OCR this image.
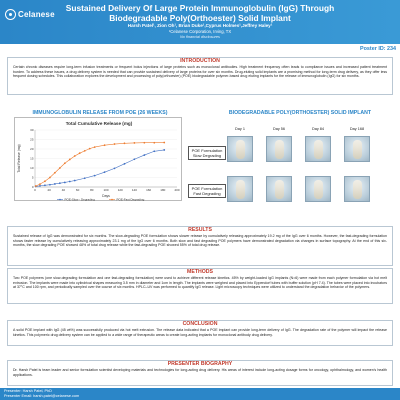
Celanese
Sustained Delivery Of Large Protein Immunoglobulin (IgG) Through Biodegradable Poly(Orthoester) Solid Implant
Harsh Patel¹, Zion Oh¹, Brian Duke¹,Cyprus Holmes¹,Jeffrey Haley¹
¹Celanese Corporation, Irving, TX
No financial disclosures
Poster ID: 234
INTRODUCTION
Certain chronic diseases require long-term infusion treatments or frequent bolus injections of large proteins such as monoclonal antibodies. High treatment frequency often leads to compliance issues and increased patient treatment burden. To address these issues, a drug delivery system is needed that can provide sustained delivery of large proteins for over six months. Drug-eluting solid implants are a promising method for long-term drug delivery, as they offer less frequent dosing schedules. This collaboration explores the development and processing of poly(orthoester) (POE) biodegradable polymer-based drug eluting implants for the release of immunoglobulin (IgG) for six months.
IMMUNOGLOBULIN RELEASE FROM POE (26 WEEKS)	BIODEGRADABLE POLY(ORTHOESTER) SOLID IMPLANT
Total Cumulative Release (mg)
0
5
10
15
20
25
30
0	20	40	60	80	100	120	140	160	180	200
Days
Total Release (mg)
POE-Slow - Degrading	POE-Fast Degrading
POE Formulation Slow Degrading
POE Formulation Fast Degrading
Day 1	Day 56	Day 84	Day 168
RESULTS
Sustained release of IgG was demonstrated for six months. The slow-degrading POE formulation shows slower release by cumulatively releasing approximately 19.2 mg of the IgG over 6 months. However, the fast-degrading formulation shows faster release by cumulatively releasing approximately 23.1 mg of the IgG over 6 months. Both slow and fast degrading POE polymers have demonstrated degradation via changes in surface topography. At the end of this six-months, the slow degrading POE showed 48% of total drug release while the fast-degrading POE showed 55% of total drug release.
METHODS
Two POE polymers (one slow-degrading formulation and one fast-degrading formulation) were used to achieve different release kinetics. 45% by weight-loaded IgG implants (N=6) were made from each polymer formulation via hot melt extrusion. The implants were made into cylindrical shapes measuring 3.5 mm in diameter and 1cm in length. The implants were weighed and placed into Eppendorf tubes with buffer solution (pH 7.4). The tubes were placed into incubators at 37°C and 100 rpm, and periodically sampled over the course of six months. HPLC–UV was performed to quantify IgG release. Light microscopy techniques were utilized to understand the degradation behavior of the polymers.
CONCLUSION
A solid POE implant with IgG (45 wt%) was successfully produced via hot melt extrusion. The release data indicated that a POE implant can provide long-term delivery of IgG. The degradation rate of the polymer will impact the release kinetics. This polymeric drug delivery system can be applied to a wide range of therapeutic areas to create long-acting implants for monoclonal antibody drug delivery.
PRESENTER BIOGRAPHY
Dr. Harsh Patel is team leader and senior formulation scientist developing materials and technologies for long-acting drug delivery. His areas of interest include long-acting dosage forms for oncology, ophthalmology, and women's health applications.
Presenter: Harsh Patel, PhD
Presenter Email: harsh.patel@celanese.com
